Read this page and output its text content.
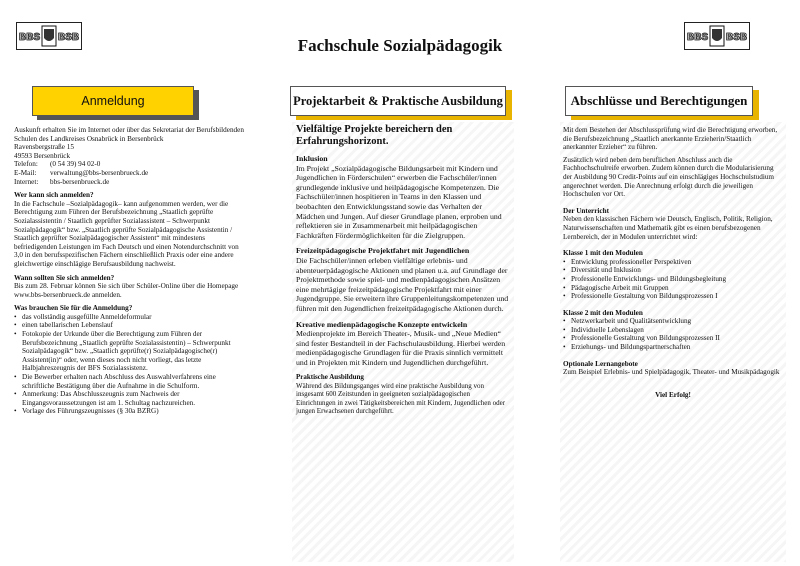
BBS BSB	BBS BSB
Fachschule Sozialpädagogik
Anmeldung	Projektarbeit & Praktische Ausbildung	Abschlüsse und Berechtigungen

Auskunft erhalten Sie im Internet oder über das Sekretariat der Berufsbildenden Schulen des Landkreises Osnabrück in Bersenbrück

Ravensbergstraße 15

49593 Bersenbrück

Telefon:	(0 54 39) 94 02-0
E-Mail:	verwaltung@bbs-bersenbrueck.de
Internet:	bbs-bersenbrueck.de

Wer kann sich anmelden?

In die Fachschule –Sozialpädagogik– kann aufgenommen werden, wer die Berechtigung zum Führen der Berufsbezeichnung „Staatlich geprüfte Sozialassistentin / Staatlich geprüfter Sozialassistent – Schwerpunkt Sozialpädagogik“ bzw. „Staatlich geprüfte Sozialpädagogische Assistentin / Staatlich geprüfter Sozialpädagogischer Assistent“ mit mindestens befriedigenden Leistungen im Fach Deutsch und einen Notendurchschnitt von 3,0 in den berufsspezifischen Fächern einschließlich Praxis oder eine andere gleichwertige einschlägige Berufsausbildung nachweist.

Wann sollten Sie sich anmelden?

Bis zum 28. Februar können Sie sich über Schüler-Online über die Homepage www.bbs-bersenbrueck.de anmelden.

Was brauchen Sie für die Anmeldung?

• das vollständig ausgefüllte Anmeldeformular
• einen tabellarischen Lebenslauf
• Fotokopie der Urkunde über die Berechtigung zum Führen der Berufsbezeichnung „Staatlich geprüfte Sozialassistentin) – Schwerpunkt Sozialpädagogik“ bzw. „Staatlich geprüfte(r) Sozialpädagogische(r) Assistent(in)“ oder, wenn dieses noch nicht vorliegt, das letzte Halbjahreszeugnis der BFS Sozialassistenz.
• Die Bewerber erhalten nach Abschluss des Auswahlverfahrens eine schriftliche Bestätigung über die Aufnahme in die Schulform.
• Anmerkung: Das Abschlusszeugnis zum Nachweis der Eingangsvoraussetzungen ist am 1. Schultag nachzureichen.
• Vorlage des Führungszeugnisses (§ 30a BZRG)

Vielfältige Projekte bereichern den Erfahrungshorizont.

Inklusion

Im Projekt „Sozialpädagogische Bildungsarbeit mit Kindern und Jugendlichen in Förderschulen“ erwerben die Fachschüler/innen grundlegende inklusive und heilpädagogische Kompetenzen. Die Fachschüler/innen hospitieren in Teams in den Klassen und beobachten den Entwicklungsstand sowie das Verhalten der Mädchen und Jungen. Auf dieser Grundlage planen, erproben und reflektieren sie in Zusammenarbeit mit heilpädagogischen Fachkräften Fördermöglichkeiten für die Zielgruppen.

Freizeitpädagogische Projektfahrt mit Jugendlichen

Die Fachschüler/innen erleben vielfältige erlebnis- und abenteuerpädagogische Aktionen und planen u.a. auf Grundlage der Projektmethode sowie spiel- und medienpädagogischen Ansätzen eine mehrtägige freizeitpädagogische Projektfahrt mit einer Jugendgruppe. Sie erweitern ihre Gruppenleitungskompetenzen und führen mit den Jugendlichen freizeitpädagogische Aktionen durch.

Kreative medienpädagogische Konzepte entwickeln

Medienprojekte im Bereich Theater-, Musik- und „Neue Medien“ sind fester Bestandteil in der Fachschulausbildung. Hierbei werden medienpädagogische Grundlagen für die Praxis sinnlich vermittelt und in Projekten mit Kindern und Jugendlichen durchgeführt.

Praktische Ausbildung

Während des Bildungsganges wird eine praktische Ausbildung von insgesamt 600 Zeitstunden in geeigneten sozialpädagogischen Einrichtungen in zwei Tätigkeitsbereichen mit Kindern, Jugendlichen oder jungen Erwachsenen durchgeführt.

Mit dem Bestehen der Abschlussprüfung wird die Berechtigung erworben, die Berufsbezeichnung „Staatlich anerkannte Erzieherin/Staatlich anerkannter Erzieher“ zu führen.

Zusätzlich wird neben dem beruflichen Abschluss auch die Fachhochschulreife erworben. Zudem können durch die Modularisierung der Ausbildung 90 Credit-Points auf ein einschlägiges Hochschulstudium angerechnet werden. Die Anrechnung erfolgt durch die jeweiligen Hochschulen vor Ort.

Der Unterricht

Neben den klassischen Fächern wie Deutsch, Englisch, Politik, Religion, Naturwissenschaften und Mathematik gibt es einen berufsbezogenen Lernbereich, der in Modulen unterrichtet wird:

Klasse 1 mit den Modulen

• Entwicklung professioneller Perspektiven
• Diversität und Inklusion
• Professionelle Entwicklungs- und Bildungsbegleitung
• Pädagogische Arbeit mit Gruppen
• Professionelle Gestaltung von Bildungsprozessen I

Klasse 2 mit den Modulen

• Netzwerkarbeit und Qualitätsentwicklung
• Individuelle Lebenslagen
• Professionelle Gestaltung von Bildungsprozessen II
• Erziehungs- und Bildungspartnerschaften

Optionale Lernangebote

Zum Beispiel Erlebnis- und Spielpädagogik, Theater- und Musikpädagogik

Viel Erfolg!
